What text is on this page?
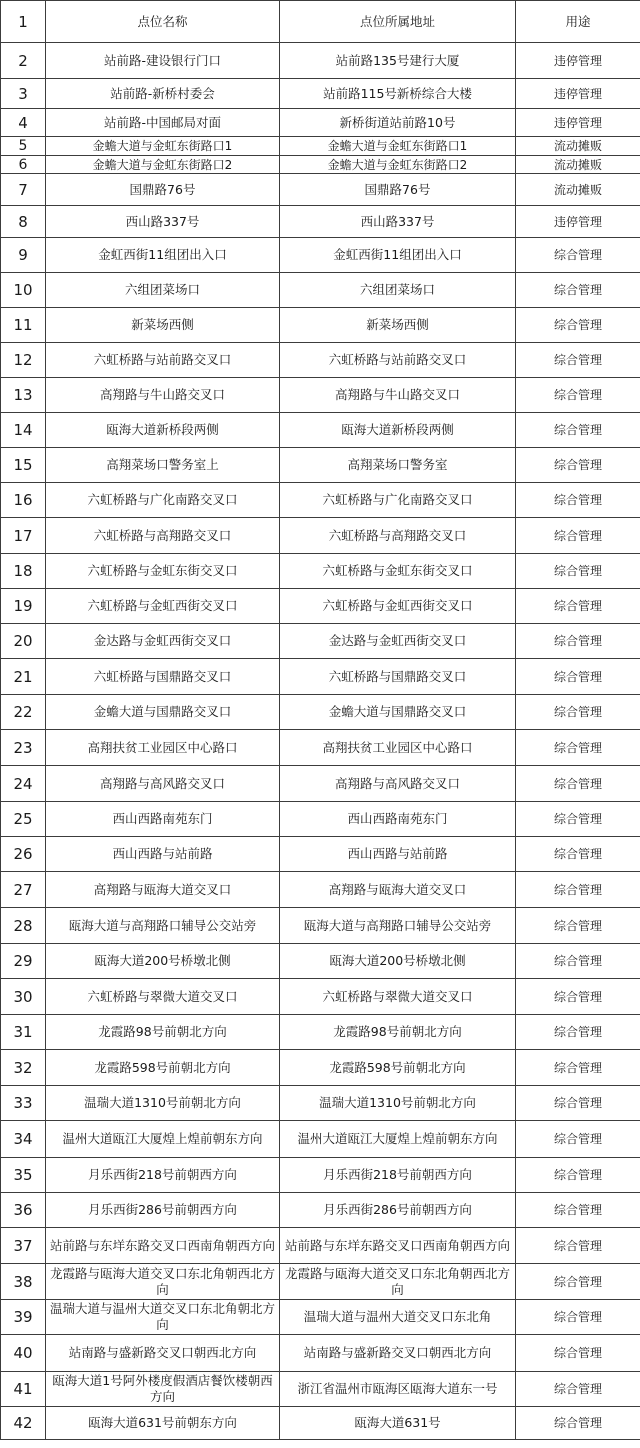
1	点位名称	点位所属地址	用途
2	站前路-建设银行门口	站前路135号建行大厦	违停管理
3	站前路-新桥村委会	站前路115号新桥综合大楼	违停管理
4	站前路-中国邮局对面	新桥街道站前路10号	违停管理
5	金蟾大道与金虹东街路口1	金蟾大道与金虹东街路口1	流动摊贩
6	金蟾大道与金虹东街路口2	金蟾大道与金虹东街路口2	流动摊贩
7	国鼎路76号	国鼎路76号	流动摊贩
8	西山路337号	西山路337号	违停管理
9	金虹西街11组团出入口	金虹西街11组团出入口	综合管理
10	六组团菜场口	六组团菜场口	综合管理
11	新菜场西侧	新菜场西侧	综合管理
12	六虹桥路与站前路交叉口	六虹桥路与站前路交叉口	综合管理
13	高翔路与牛山路交叉口	高翔路与牛山路交叉口	综合管理
14	瓯海大道新桥段两侧	瓯海大道新桥段两侧	综合管理
15	高翔菜场口警务室上	高翔菜场口警务室	综合管理
16	六虹桥路与广化南路交叉口	六虹桥路与广化南路交叉口	综合管理
17	六虹桥路与高翔路交叉口	六虹桥路与高翔路交叉口	综合管理
18	六虹桥路与金虹东街交叉口	六虹桥路与金虹东街交叉口	综合管理
19	六虹桥路与金虹西街交叉口	六虹桥路与金虹西街交叉口	综合管理
20	金达路与金虹西街交叉口	金达路与金虹西街交叉口	综合管理
21	六虹桥路与国鼎路交叉口	六虹桥路与国鼎路交叉口	综合管理
22	金蟾大道与国鼎路交叉口	金蟾大道与国鼎路交叉口	综合管理
23	高翔扶贫工业园区中心路口	高翔扶贫工业园区中心路口	综合管理
24	高翔路与高风路交叉口	高翔路与高风路交叉口	综合管理
25	西山西路南苑东门	西山西路南苑东门	综合管理
26	西山西路与站前路	西山西路与站前路	综合管理
27	高翔路与瓯海大道交叉口	高翔路与瓯海大道交叉口	综合管理
28	瓯海大道与高翔路口辅导公交站旁	瓯海大道与高翔路口辅导公交站旁	综合管理
29	瓯海大道200号桥墩北侧	瓯海大道200号桥墩北侧	综合管理
30	六虹桥路与翠微大道交叉口	六虹桥路与翠微大道交叉口	综合管理
31	龙霞路98号前朝北方向	龙霞路98号前朝北方向	综合管理
32	龙霞路598号前朝北方向	龙霞路598号前朝北方向	综合管理
33	温瑞大道1310号前朝北方向	温瑞大道1310号前朝北方向	综合管理
34	温州大道瓯江大厦煌上煌前朝东方向	温州大道瓯江大厦煌上煌前朝东方向	综合管理
35	月乐西街218号前朝西方向	月乐西街218号前朝西方向	综合管理
36	月乐西街286号前朝西方向	月乐西街286号前朝西方向	综合管理
37	站前路与东垟东路交叉口西南角朝西方向	站前路与东垟东路交叉口西南角朝西方向	综合管理
38	龙霞路与瓯海大道交叉口东北角朝西北方向	龙霞路与瓯海大道交叉口东北角朝西北方向	综合管理
39	温瑞大道与温州大道交叉口东北角朝北方向	温瑞大道与温州大道交叉口东北角	综合管理
40	站南路与盛新路交叉口朝西北方向	站南路与盛新路交叉口朝西北方向	综合管理
41	瓯海大道1号阿外楼度假酒店餐饮楼朝西方向	浙江省温州市瓯海区瓯海大道东一号	综合管理
42	瓯海大道631号前朝东方向	瓯海大道631号	综合管理
